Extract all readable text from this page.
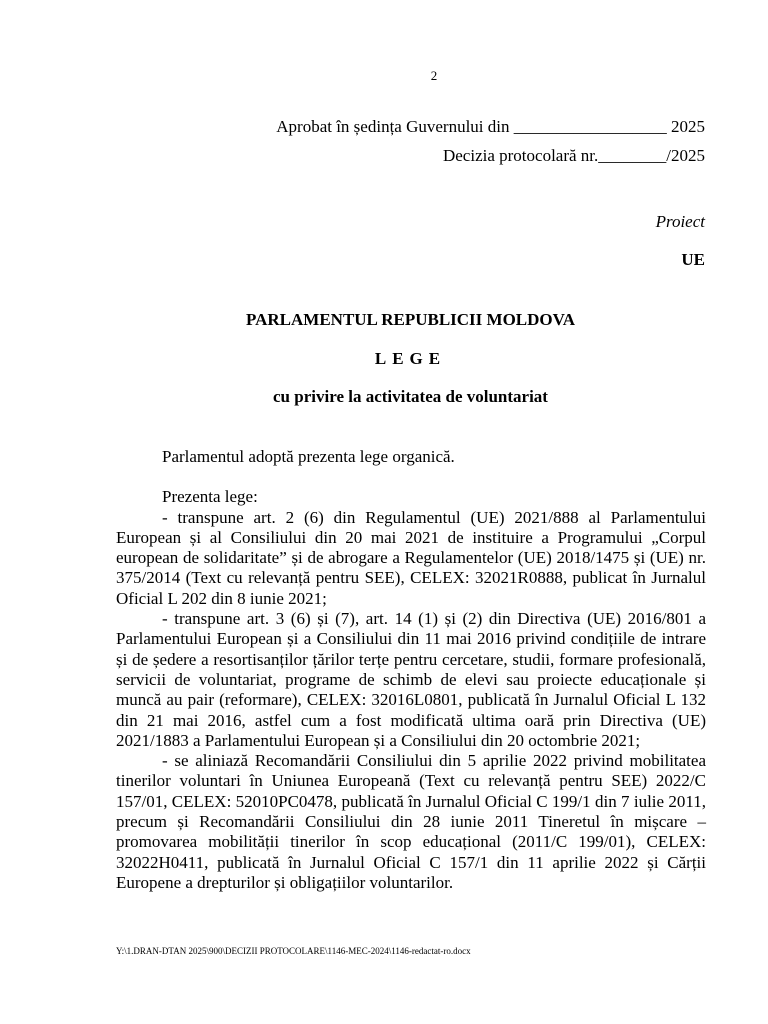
2
Aprobat în ședința Guvernului din __________________ 2025
Decizia protocolară nr.________/2025
Proiect
UE
PARLAMENTUL REPUBLICII MOLDOVA
LEGE
cu privire la activitatea de voluntariat

Parlamentul adoptă prezenta lege organică.

Prezenta lege:

- transpune art. 2 (6) din Regulamentul (UE) 2021/888 al Parlamentului European și al Consiliului din 20 mai 2021 de instituire a Programului „Corpul european de solidaritate” și de abrogare a Regulamentelor (UE) 2018/1475 și (UE) nr. 375/2014 (Text cu relevanță pentru SEE), CELEX: 32021R0888, publicat în Jurnalul Oficial L 202 din 8 iunie 2021;

- transpune art. 3 (6) și (7), art. 14 (1) și (2) din Directiva (UE) 2016/801 a Parlamentului European și a Consiliului din 11 mai 2016 privind condițiile de intrare și de ședere a resortisanților țărilor terțe pentru cercetare, studii, formare profesională, servicii de voluntariat, programe de schimb de elevi sau proiecte educaționale și muncă au pair (reformare), CELEX: 32016L0801, publicată în Jurnalul Oficial L 132 din 21 mai 2016, astfel cum a fost modificată ultima oară prin Directiva (UE) 2021/1883 a Parlamentului European și a Consiliului din 20 octombrie 2021;

- se aliniază Recomandării Consiliului din 5 aprilie 2022 privind mobilitatea tinerilor voluntari în Uniunea Europeană (Text cu relevanță pentru SEE) 2022/C 157/01, CELEX: 52010PC0478, publicată în Jurnalul Oficial C 199/1 din 7 iulie 2011, precum și Recomandării Consiliului din 28 iunie 2011 Tineretul în mișcare – promovarea mobilității tinerilor în scop educațional (2011/C 199/01), CELEX: 32022H0411, publicată în Jurnalul Oficial C 157/1 din 11 aprilie 2022 și Cărții Europene a drepturilor și obligațiilor voluntarilor.

Y:\1.DRAN-DTAN 2025\900\DECIZII PROTOCOLARE\1146-MEC-2024\1146-redactat-ro.docx
